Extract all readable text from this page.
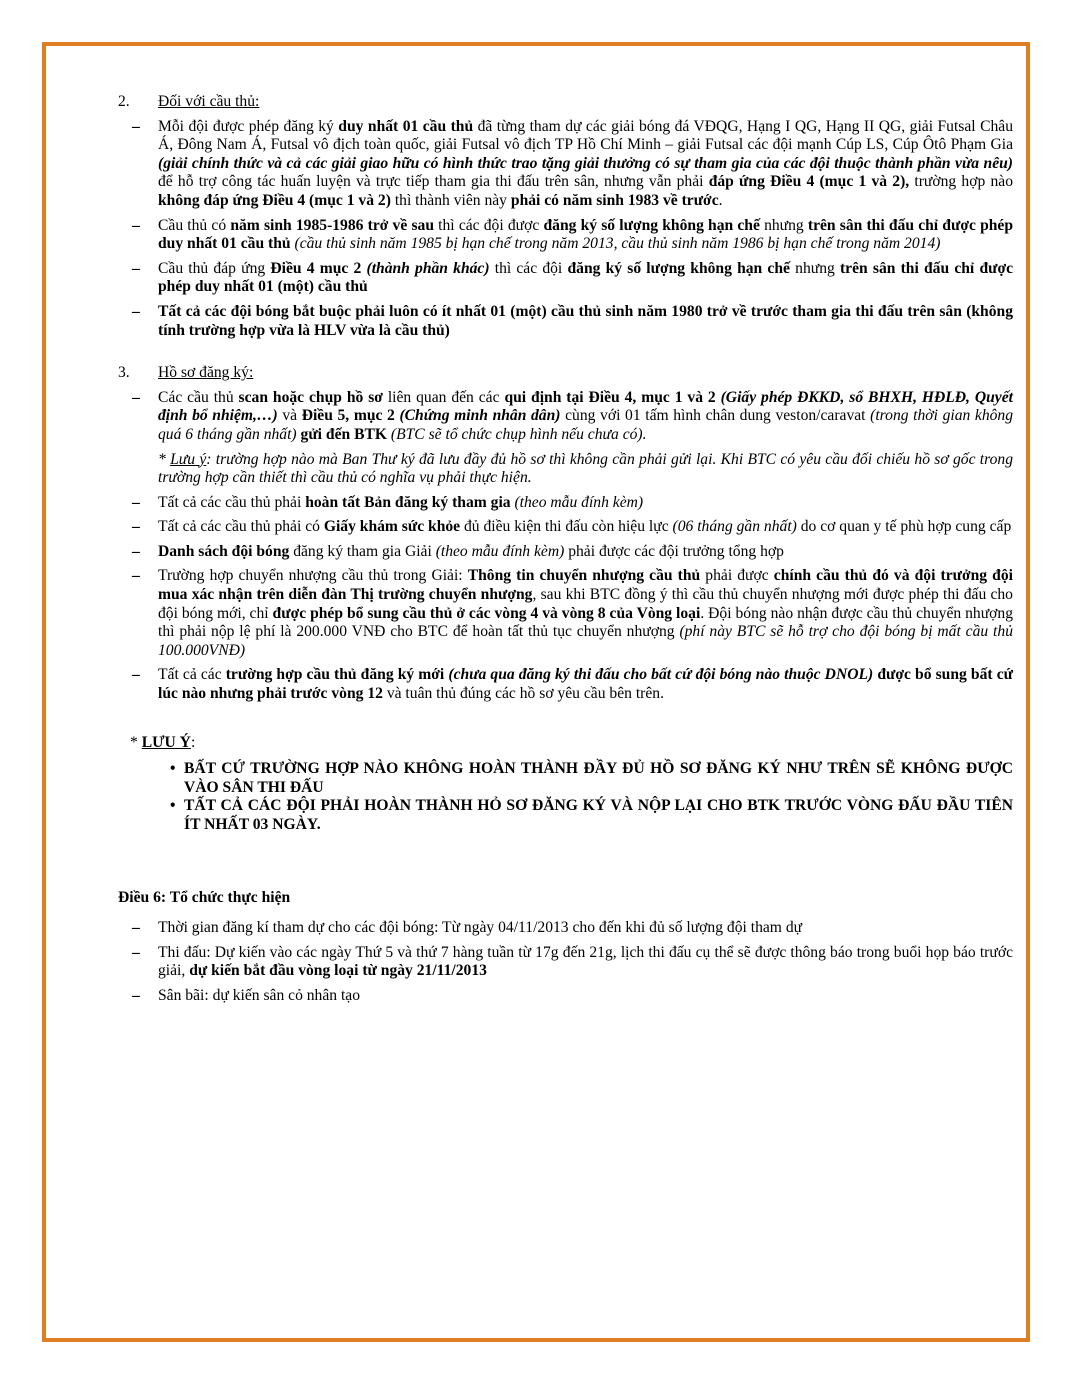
2.	Đối với cầu thủ:
– Mỗi đội được phép đăng ký duy nhất 01 cầu thủ đã từng tham dự các giải bóng đá VĐQG, Hạng I QG, Hạng II QG, giải Futsal Châu Á, Đông Nam Á, Futsal vô địch toàn quốc, giải Futsal vô địch TP Hồ Chí Minh – giải Futsal các đội mạnh Cúp LS, Cúp Ôtô Phạm Gia (giải chính thức và cả các giải giao hữu có hình thức trao tặng giải thưởng có sự tham gia của các đội thuộc thành phần vừa nêu) để hỗ trợ công tác huấn luyện và trực tiếp tham gia thi đấu trên sân, nhưng vẫn phải đáp ứng Điều 4 (mục 1 và 2), trường hợp nào không đáp ứng Điều 4 (mục 1 và 2) thì thành viên này phải có năm sinh 1983 về trước.
– Cầu thủ có năm sinh 1985-1986 trở về sau thì các đội được đăng ký số lượng không hạn chế nhưng trên sân thi đấu chỉ được phép duy nhất 01 cầu thủ (cầu thủ sinh năm 1985 bị hạn chế trong năm 2013, cầu thủ sinh năm 1986 bị hạn chế trong năm 2014)
– Cầu thủ đáp ứng Điều 4 mục 2 (thành phần khác) thì các đội đăng ký số lượng không hạn chế nhưng trên sân thi đấu chỉ được phép duy nhất 01 (một) cầu thủ
– Tất cả các đội bóng bắt buộc phải luôn có ít nhất 01 (một) cầu thủ sinh năm 1980 trở về trước tham gia thi đấu trên sân (không tính trường hợp vừa là HLV vừa là cầu thủ)
3.	Hồ sơ đăng ký:
– Các cầu thủ scan hoặc chụp hồ sơ liên quan đến các qui định tại Điều 4, mục 1 và 2 (Giấy phép ĐKKD, sổ BHXH, HĐLĐ, Quyết định bổ nhiệm,…) và Điều 5, mục 2 (Chứng minh nhân dân) cùng với 01 tấm hình chân dung veston/caravat (trong thời gian không quá 6 tháng gần nhất) gửi đến BTK (BTC sẽ tổ chức chụp hình nếu chưa có).
* Lưu ý: trường hợp nào mà Ban Thư ký đã lưu đầy đủ hồ sơ thì không cần phải gửi lại. Khi BTC có yêu cầu đối chiếu hồ sơ gốc trong trường hợp cần thiết thì cầu thủ có nghĩa vụ phải thực hiện.
– Tất cả các cầu thủ phải hoàn tất Bản đăng ký tham gia (theo mẫu đính kèm)
– Tất cả các cầu thủ phải có Giấy khám sức khỏe đủ điều kiện thi đấu còn hiệu lực (06 tháng gần nhất) do cơ quan y tế phù hợp cung cấp
– Danh sách đội bóng đăng ký tham gia Giải (theo mẫu đính kèm) phải được các đội trưởng tổng hợp
– Trường hợp chuyển nhượng cầu thủ trong Giải: Thông tin chuyển nhượng cầu thủ phải được chính cầu thủ đó và đội trưởng đội mua xác nhận trên diễn đàn Thị trường chuyển nhượng, sau khi BTC đồng ý thì cầu thủ chuyển nhượng mới được phép thi đấu cho đội bóng mới, chỉ được phép bổ sung cầu thủ ở các vòng 4 và vòng 8 của Vòng loại. Đội bóng nào nhận được cầu thủ chuyển nhượng thì phải nộp lệ phí là 200.000 VNĐ cho BTC để hoàn tất thủ tục chuyển nhượng (phí này BTC sẽ hỗ trợ cho đội bóng bị mất cầu thủ 100.000VNĐ)
– Tất cả các trường hợp cầu thủ đăng ký mới (chưa qua đăng ký thi đấu cho bất cứ đội bóng nào thuộc DNOL) được bổ sung bất cứ lúc nào nhưng phải trước vòng 12 và tuân thủ đúng các hồ sơ yêu cầu bên trên.
* LƯU Ý:
• BẤT CỨ TRƯỜNG HỢP NÀO KHÔNG HOÀN THÀNH ĐẦY ĐỦ HỒ SƠ ĐĂNG KÝ NHƯ TRÊN SẼ KHÔNG ĐƯỢC VÀO SÂN THI ĐẤU
• TẤT CẢ CÁC ĐỘI PHẢI HOÀN THÀNH HỎ SƠ ĐĂNG KÝ VÀ NỘP LẠI CHO BTK TRƯỚC VÒNG ĐẤU ĐẦU TIÊN ÍT NHẤT 03 NGÀY.
Điều 6: Tổ chức thực hiện
– Thời gian đăng kí tham dự cho các đội bóng: Từ ngày 04/11/2013 cho đến khi đủ số lượng đội tham dự
– Thi đấu: Dự kiến vào các ngày Thứ 5 và thứ 7 hàng tuần từ 17g đến 21g, lịch thi đấu cụ thể sẽ được thông báo trong buổi họp báo trước giải, dự kiến bắt đầu vòng loại từ ngày 21/11/2013
– Sân bãi: dự kiến sân cỏ nhân tạo
